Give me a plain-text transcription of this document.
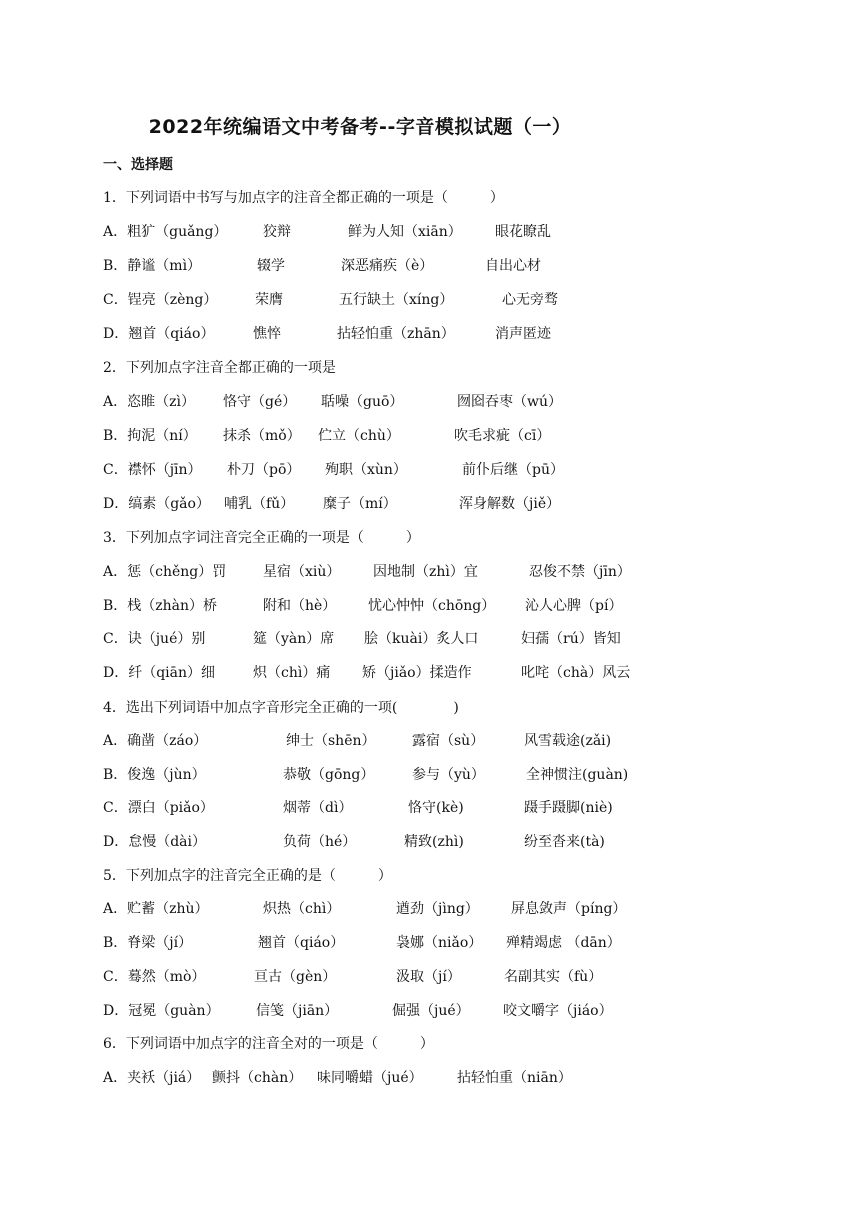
2022年统编语文中考备考--字音模拟试题（一）
一、选择题
1．下列词语中书写与加点字的注音全都正确的一项是（　　　）
A．粗犷（guǎng）	狡辩	鲜为人知（xiān） 眼花瞭乱
B．静谧（mì）	辍学	深恶痛疾（è）	自出心材
C．锃亮（zèng）	荣膺	五行缺土（xíng）	心无旁骛
D．翘首（qiáo）	憔悴	拈轻怕重（zhān）	消声匿迹
2．下列加点字注音全都正确的一项是
A．恣睢（zì） 恪守（gé） 聒噪（guō）	囫囵吞枣（wú）
B．拘泥（ní） 抹杀（mǒ） 伫立（chù）	吹毛求疵（cī）
C．襟怀（jīn） 朴刀（pō） 殉职（xùn）	前仆后继（pū）
D．缟素（gǎo） 哺乳（fǔ） 糜子（mí）	浑身解数（jiě）
3．下列加点字词注音完全正确的一项是（　　　）
A．惩（chěng）罚	星宿（xiù） 因地制（zhì）宜	忍俊不禁（jīn）
B．栈（zhàn）桥	附和（hè） 忧心忡忡（chōng） 沁人心脾（pí）
C．诀（jué）别	筵（yàn）席 脍（kuài）炙人口	妇孺（rú）皆知
D．纤（qiān）细	炽（chì）痛 矫（jiǎo）揉造作	叱咤（chà）风云
4．选出下列词语中加点字音形完全正确的一项(　　　　)
A．确凿（záo）	绅士（shēn）	露宿（sù）	风雪载途(zǎi)
B．俊逸（jùn）	恭敬（gōng）	参与（yù）	全神惯注(guàn)
C．漂白（piǎo）	烟蒂（dì）	恪守(kè)	蹑手蹑脚(niè)
D．怠慢（dài）	负荷（hé）	精致(zhì)	纷至沓来(tà)
5．下列加点字的注音完全正确的是（　　　）
A．贮蓄（zhù）	炽热（chì）	遒劲（jìng） 屏息敛声（píng）
B．脊梁（jí）	翘首（qiáo）	袅娜（niǎo） 殚精竭虑 （dān）
C．蓦然（mò）	亘古（gèn）	汲取（jí）	名副其实（fù）
D．冠冕（guàn）	信笺（jiān）	倔强（jué） 咬文嚼字（jiáo）
6．下列词语中加点字的注音全对的一项是（　　　）
A．夹袄（jiá） 颤抖（chàn） 味同嚼蜡（jué） 拈轻怕重（niān）
